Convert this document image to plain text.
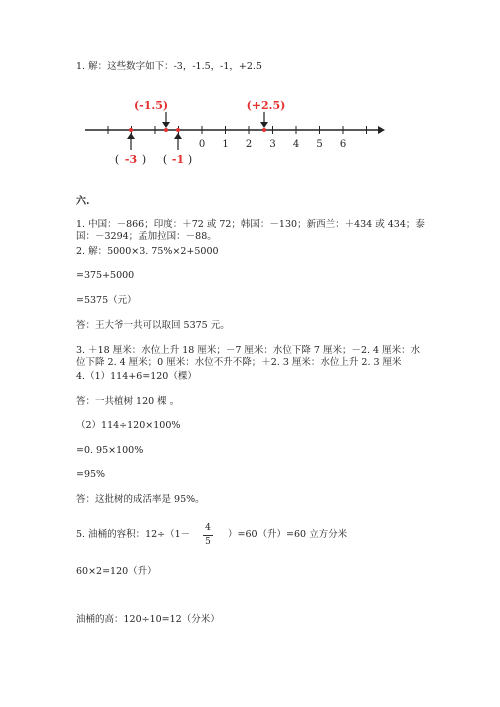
1. 解：这些数字如下：-3，-1.5，-1，+2.5
0 1 2 3 4 5 6
(-1.5)	(+2.5)
( -3 ) ( -1 )
六.
1. 中国：－866；印度：＋72 或 72；韩国：－130；新西兰：＋434 或 434；泰国：－3294；孟加拉国：－88。
2. 解：5000×3. 75%×2+5000
=375+5000
=5375（元）
答：王大爷一共可以取回 5375 元。
3. ＋18 厘米：水位上升 18 厘米；－7 厘米：水位下降 7 厘米；－2. 4 厘米：水位下降 2. 4 厘米；0 厘米：水位不升不降；＋2. 3 厘米：水位上升 2. 3 厘米
4.（1）114+6=120（棵）
答：一共植树 120 棵 。
（2）114÷120×100%
=0. 95×100%
=95%
答：这批树的成活率是 95%。
5. 油桶的容积：12÷（1－
4
5
）=60（升）=60 立方分米
60×2=120（升）
油桶的高：120÷10=12（分米）
